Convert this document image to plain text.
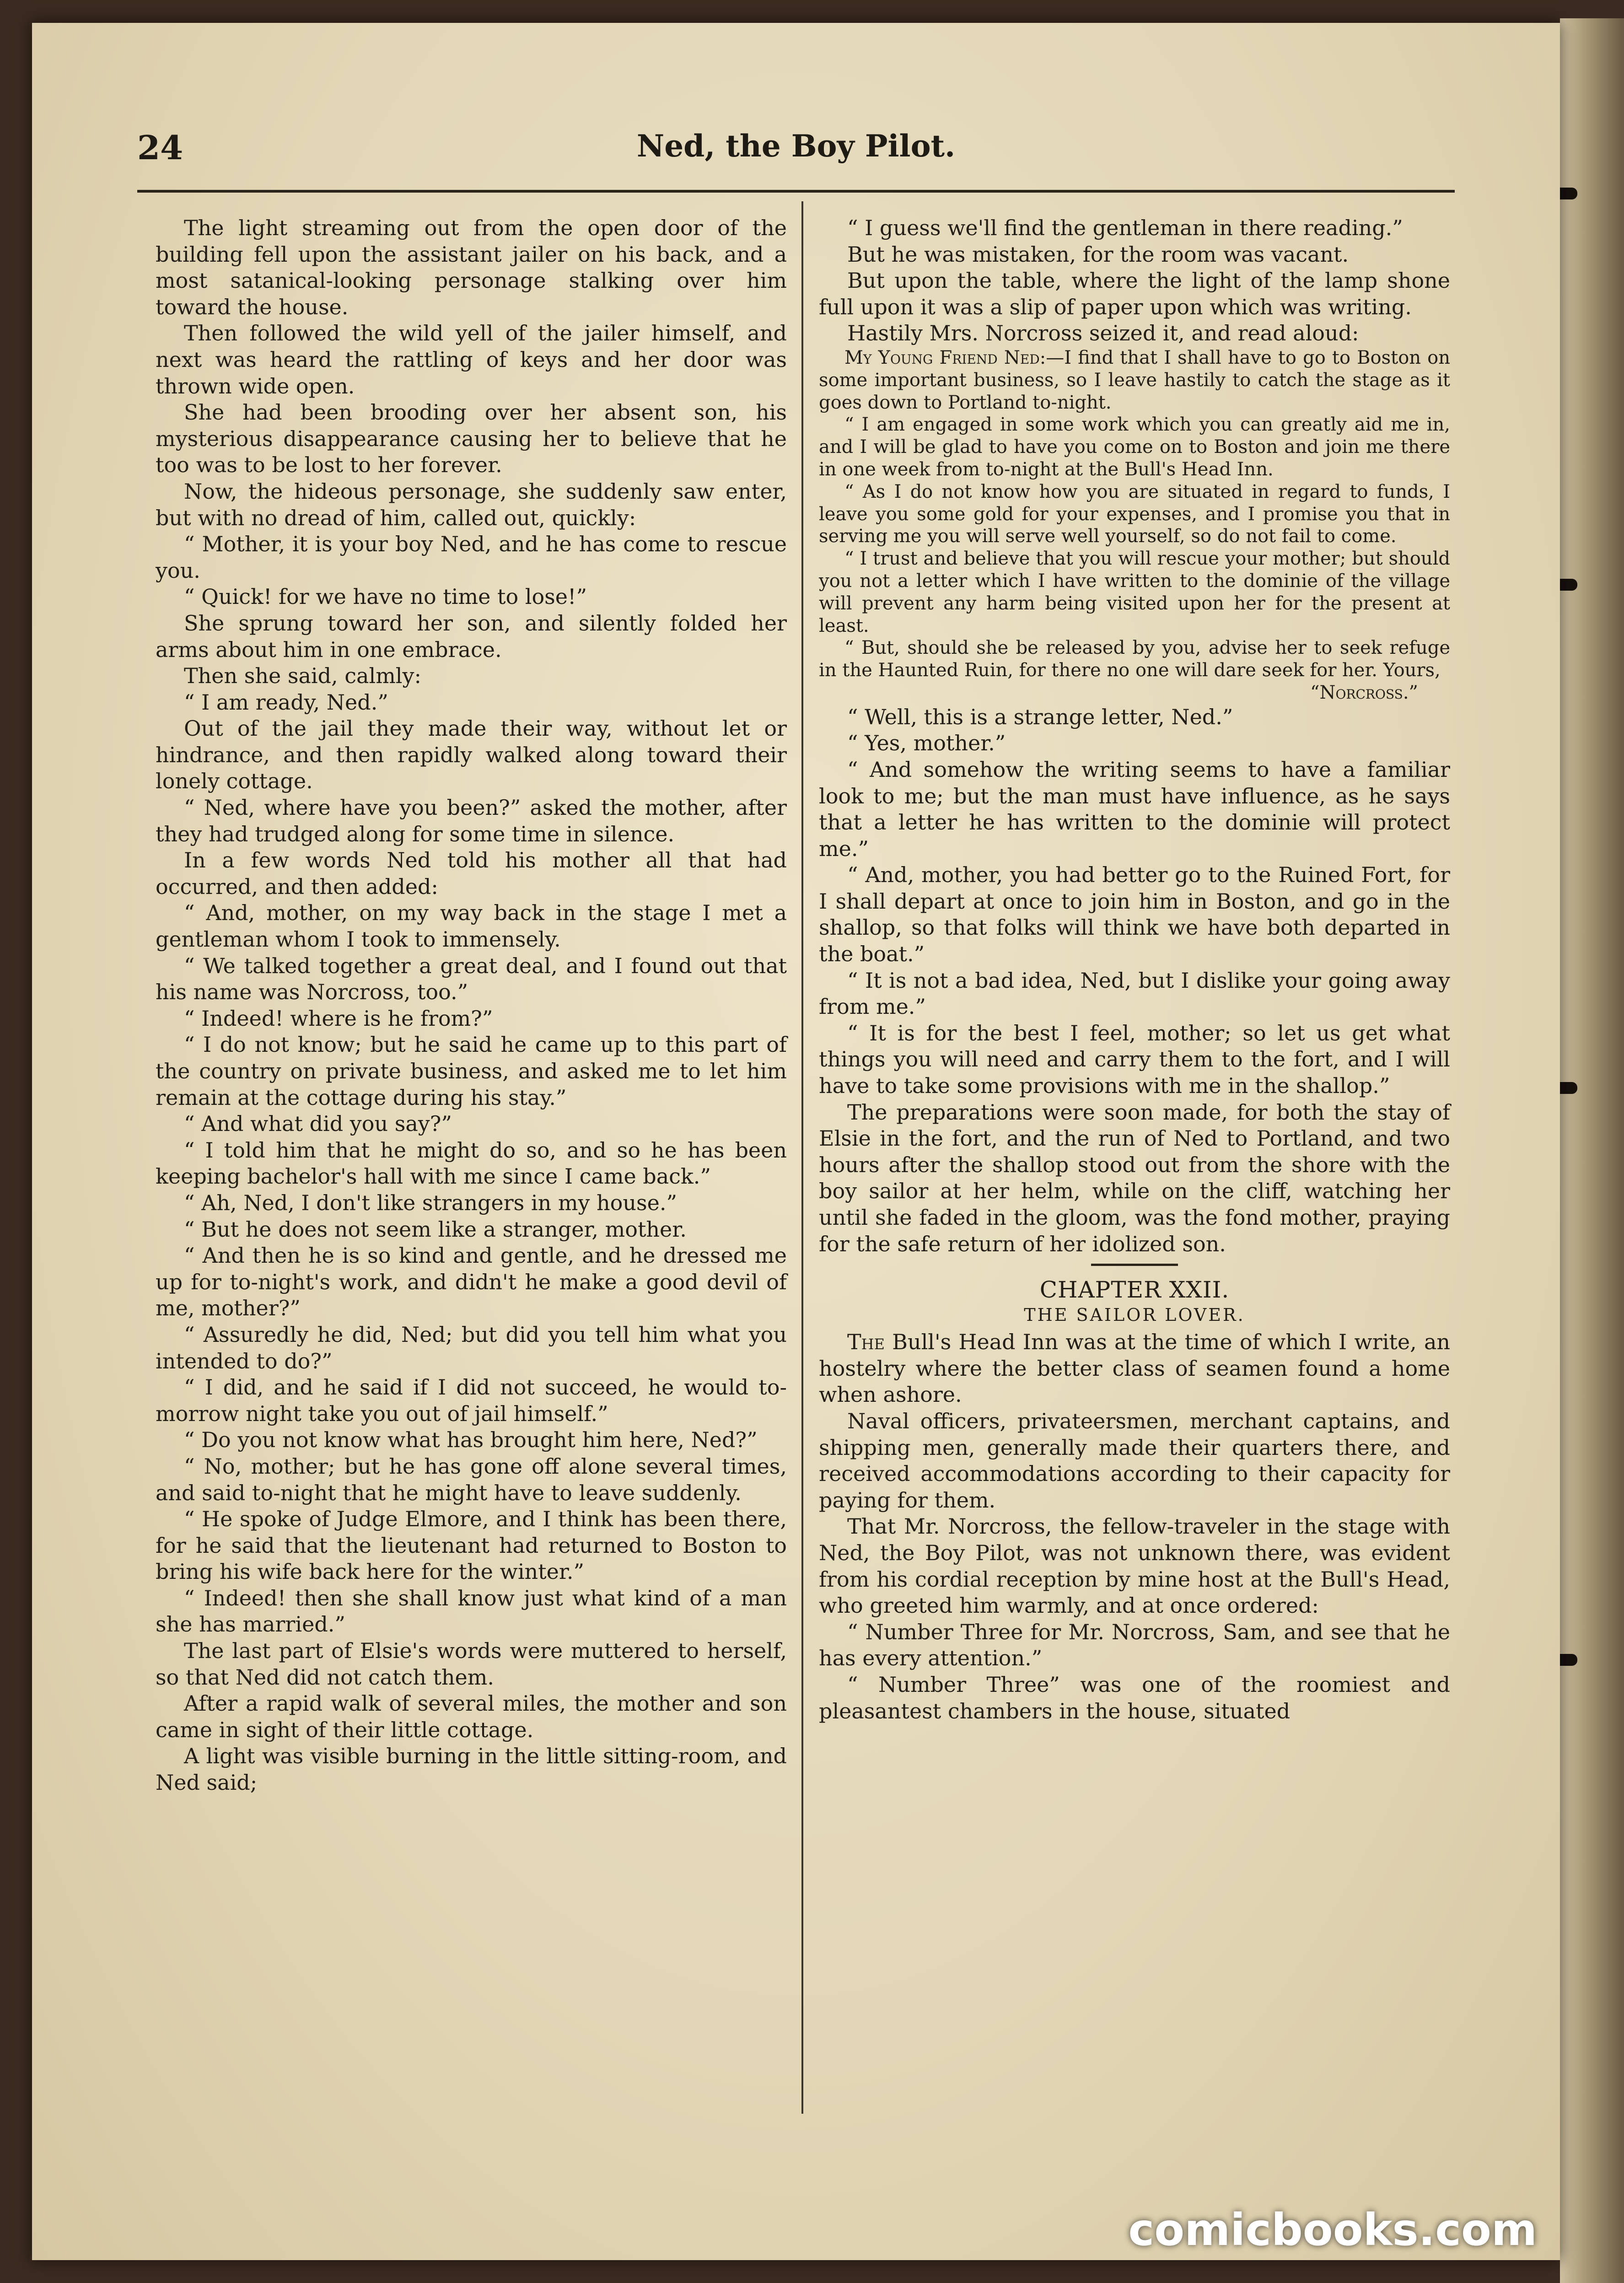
24	Ned, the Boy Pilot.

The light streaming out from the open door of the building fell upon the assistant jailer on his back, and a most satanical-looking personage stalking over him toward the house.

Then followed the wild yell of the jailer himself, and next was heard the rattling of keys and her door was thrown wide open.

She had been brooding over her absent son, his mysterious disappearance causing her to believe that he too was to be lost to her forever.

Now, the hideous personage, she suddenly saw enter, but with no dread of him, called out, quickly:

“ Mother, it is your boy Ned, and he has come to rescue you.

“ Quick! for we have no time to lose!”

She sprung toward her son, and silently folded her arms about him in one embrace.

Then she said, calmly:

“ I am ready, Ned.”

Out of the jail they made their way, without let or hindrance, and then rapidly walked along toward their lonely cottage.

“ Ned, where have you been?” asked the mother, after they had trudged along for some time in silence.

In a few words Ned told his mother all that had occurred, and then added:

“ And, mother, on my way back in the stage I met a gentleman whom I took to immensely.

“ We talked together a great deal, and I found out that his name was Norcross, too.”

“ Indeed! where is he from?”

“ I do not know; but he said he came up to this part of the country on private business, and asked me to let him remain at the cottage during his stay.”

“ And what did you say?”

“ I told him that he might do so, and so he has been keeping bachelor's hall with me since I came back.”

“ Ah, Ned, I don't like strangers in my house.”

“ But he does not seem like a stranger, mother.

“ And then he is so kind and gentle, and he dressed me up for to-night's work, and didn't he make a good devil of me, mother?”

“ Assuredly he did, Ned; but did you tell him what you intended to do?”

“ I did, and he said if I did not succeed, he would to-morrow night take you out of jail himself.”

“ Do you not know what has brought him here, Ned?”

“ No, mother; but he has gone off alone several times, and said to-night that he might have to leave suddenly.

“ He spoke of Judge Elmore, and I think has been there, for he said that the lieutenant had returned to Boston to bring his wife back here for the winter.”

“ Indeed! then she shall know just what kind of a man she has married.”

The last part of Elsie's words were muttered to herself, so that Ned did not catch them.

After a rapid walk of several miles, the mother and son came in sight of their little cottage.

A light was visible burning in the little sitting-room, and Ned said;

“ I guess we'll find the gentleman in there reading.”

But he was mistaken, for the room was vacant.

But upon the table, where the light of the lamp shone full upon it was a slip of paper upon which was writing.

Hastily Mrs. Norcross seized it, and read aloud:

My Young Friend Ned:—I find that I shall have to go to Boston on some important business, so I leave hastily to catch the stage as it goes down to Portland to-night.

“ I am engaged in some work which you can greatly aid me in, and I will be glad to have you come on to Boston and join me there in one week from to-night at the Bull's Head Inn.

“ As I do not know how you are situated in regard to funds, I leave you some gold for your expenses, and I promise you that in serving me you will serve well yourself, so do not fail to come.

“ I trust and believe that you will rescue your mother; but should you not a letter which I have written to the dominie of the village will prevent any harm being visited upon her for the present at least.

“ But, should she be released by you, advise her to seek refuge in the Haunted Ruin, for there no one will dare seek for her. Yours,

“Norcross.”

“ Well, this is a strange letter, Ned.”

“ Yes, mother.”

“ And somehow the writing seems to have a familiar look to me; but the man must have influence, as he says that a letter he has written to the dominie will protect me.”

“ And, mother, you had better go to the Ruined Fort, for I shall depart at once to join him in Boston, and go in the shallop, so that folks will think we have both departed in the boat.”

“ It is not a bad idea, Ned, but I dislike your going away from me.”

“ It is for the best I feel, mother; so let us get what things you will need and carry them to the fort, and I will have to take some provisions with me in the shallop.”

The preparations were soon made, for both the stay of Elsie in the fort, and the run of Ned to Portland, and two hours after the shallop stood out from the shore with the boy sailor at her helm, while on the cliff, watching her until she faded in the gloom, was the fond mother, praying for the safe return of her idolized son.

CHAPTER XXII.

THE SAILOR LOVER.

The Bull's Head Inn was at the time of which I write, an hostelry where the better class of seamen found a home when ashore.

Naval officers, privateersmen, merchant captains, and shipping men, generally made their quarters there, and received accommodations according to their capacity for paying for them.

That Mr. Norcross, the fellow-traveler in the stage with Ned, the Boy Pilot, was not unknown there, was evident from his cordial reception by mine host at the Bull's Head, who greeted him warmly, and at once ordered:

“ Number Three for Mr. Norcross, Sam, and see that he has every attention.”

“ Number Three” was one of the roomiest and pleasantest chambers in the house, situated

comicbooks.com
